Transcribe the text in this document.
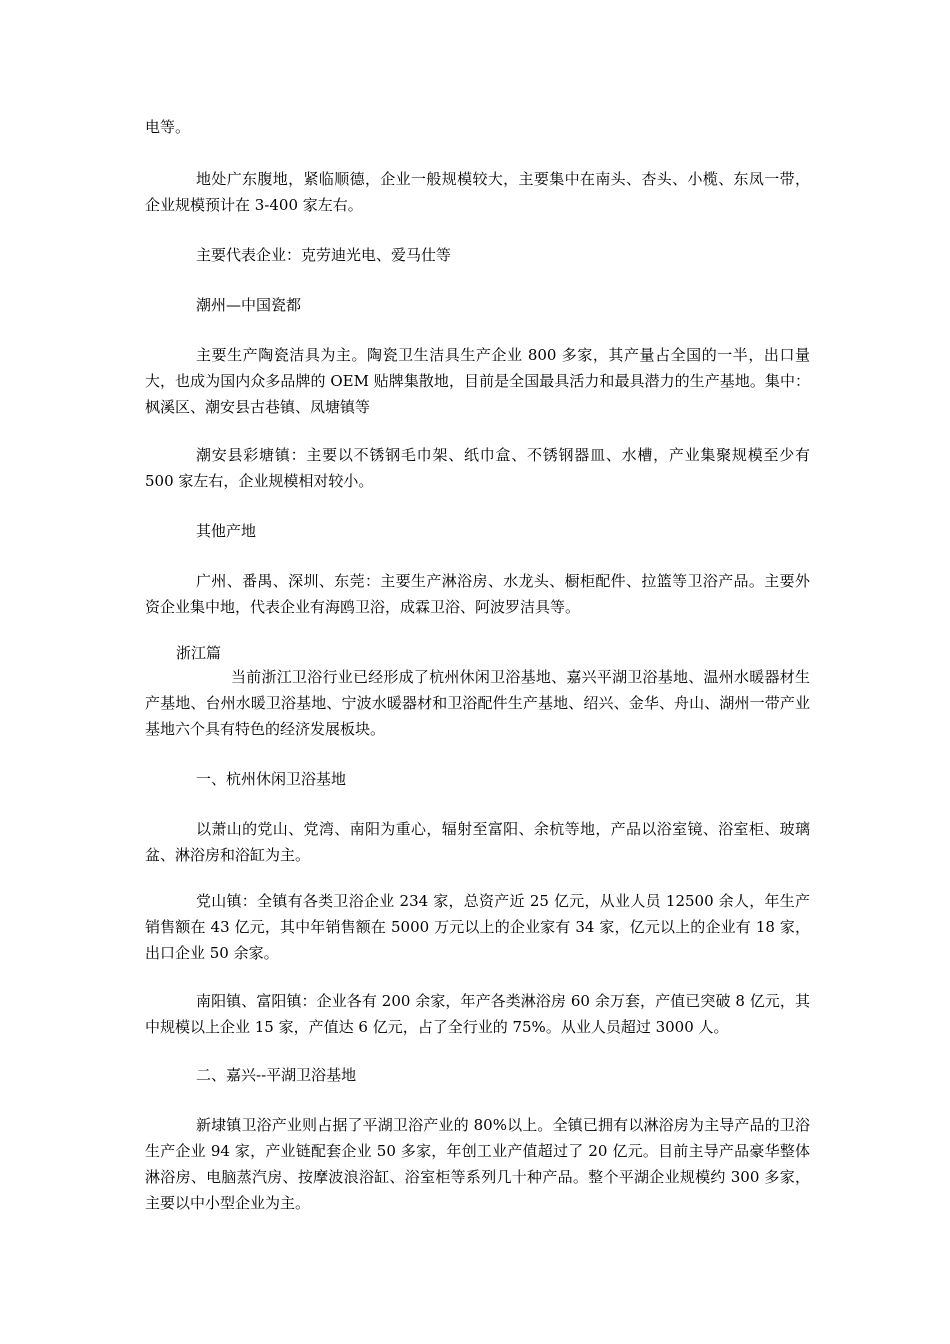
电等。

地处广东腹地，紧临顺德，企业一般规模较大，主要集中在南头、杏头、小榄、东凤一带，企业规模预计在 3-400 家左右。

主要代表企业：克劳迪光电、爱马仕等

潮州—中国瓷都

主要生产陶瓷洁具为主。陶瓷卫生洁具生产企业 800 多家，其产量占全国的一半，出口量大，也成为国内众多品牌的 OEM 贴牌集散地，目前是全国最具活力和最具潜力的生产基地。集中：枫溪区、潮安县古巷镇、凤塘镇等

潮安县彩塘镇：主要以不锈钢毛巾架、纸巾盒、不锈钢器皿、水槽，产业集聚规模至少有 500 家左右，企业规模相对较小。

其他产地

广州、番禺、深圳、东莞：主要生产淋浴房、水龙头、橱柜配件、拉篮等卫浴产品。主要外资企业集中地，代表企业有海鸥卫浴，成霖卫浴、阿波罗洁具等。

浙江篇

当前浙江卫浴行业已经形成了杭州休闲卫浴基地、嘉兴平湖卫浴基地、温州水暖器材生产基地、台州水暖卫浴基地、宁波水暖器材和卫浴配件生产基地、绍兴、金华、舟山、湖州一带产业基地六个具有特色的经济发展板块。

一、杭州休闲卫浴基地

以萧山的党山、党湾、南阳为重心，辐射至富阳、余杭等地，产品以浴室镜、浴室柜、玻璃盆、淋浴房和浴缸为主。

党山镇：全镇有各类卫浴企业 234 家，总资产近 25 亿元，从业人员 12500 余人，年生产销售额在 43 亿元，其中年销售额在 5000 万元以上的企业家有 34 家，亿元以上的企业有 18 家，出口企业 50 余家。

南阳镇、富阳镇：企业各有 200 余家，年产各类淋浴房 60 余万套，产值已突破 8 亿元，其中规模以上企业 15 家，产值达 6 亿元，占了全行业的 75%。从业人员超过 3000 人。

二、嘉兴--平湖卫浴基地

新埭镇卫浴产业则占据了平湖卫浴产业的 80%以上。全镇已拥有以淋浴房为主导产品的卫浴生产企业 94 家，产业链配套企业 50 多家，年创工业产值超过了 20 亿元。目前主导产品豪华整体淋浴房、电脑蒸汽房、按摩波浪浴缸、浴室柜等系列几十种产品。整个平湖企业规模约 300 多家，主要以中小型企业为主。
